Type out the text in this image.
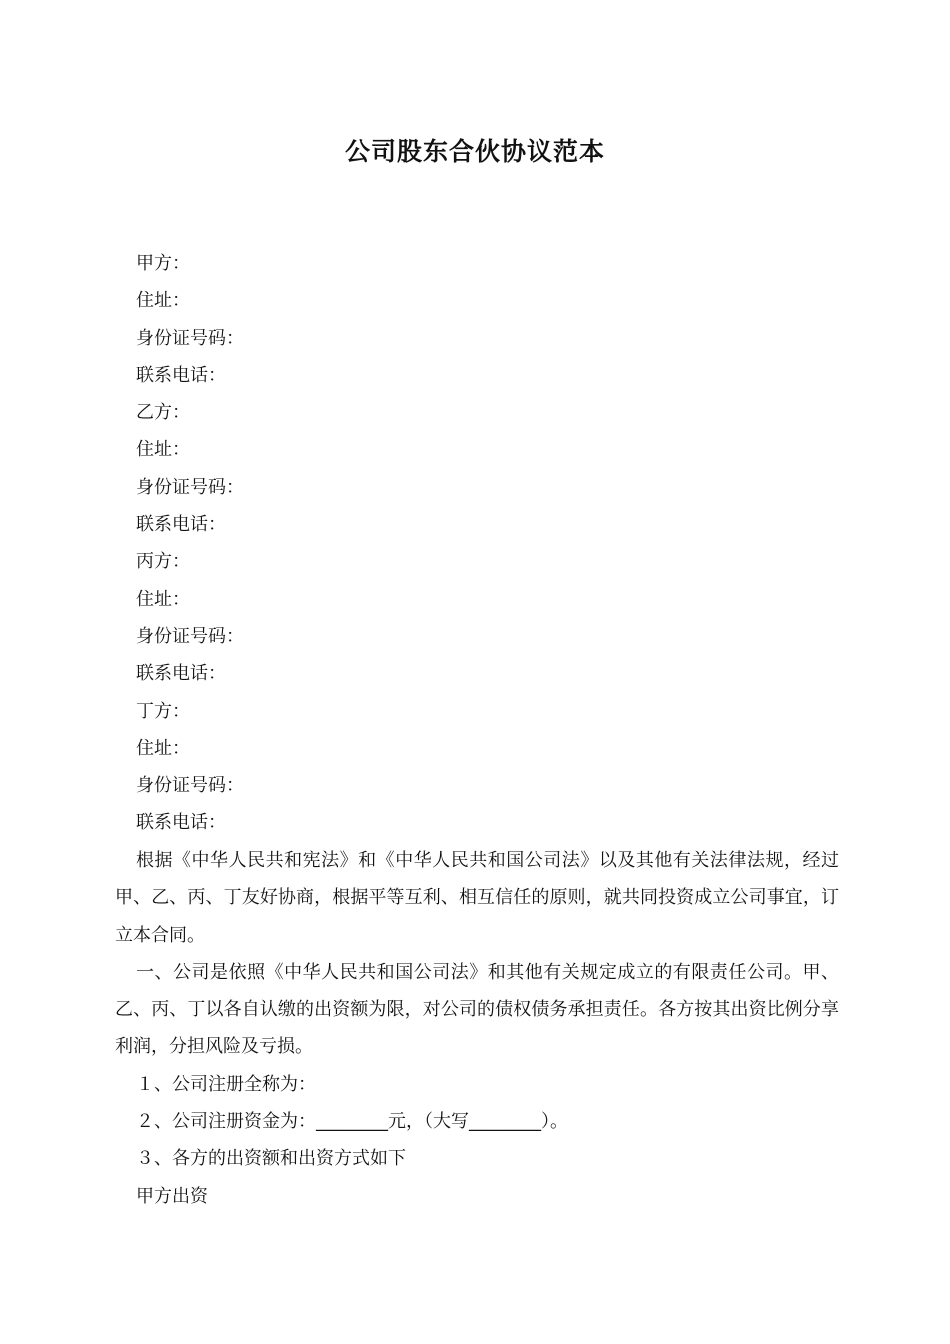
公司股东合伙协议范本
甲方：
住址：
身份证号码：
联系电话：
乙方：
住址：
身份证号码：
联系电话：
丙方：
住址：
身份证号码：
联系电话：
丁方：
住址：
身份证号码：
联系电话：

根据《中华人民共和宪法》和《中华人民共和国公司法》以及其他有关法律法规，经过甲、乙、丙、丁友好协商，根据平等互利、相互信任的原则，就共同投资成立公司事宜，订立本合同。

一、公司是依照《中华人民共和国公司法》和其他有关规定成立的有限责任公司。甲、乙、丙、丁以各自认缴的出资额为限，对公司的债权债务承担责任。各方按其出资比例分享利润，分担风险及亏损。

１、公司注册全称为：

２、公司注册资金为：________元，（大写________）。

３、各方的出资额和出资方式如下

甲方出资
